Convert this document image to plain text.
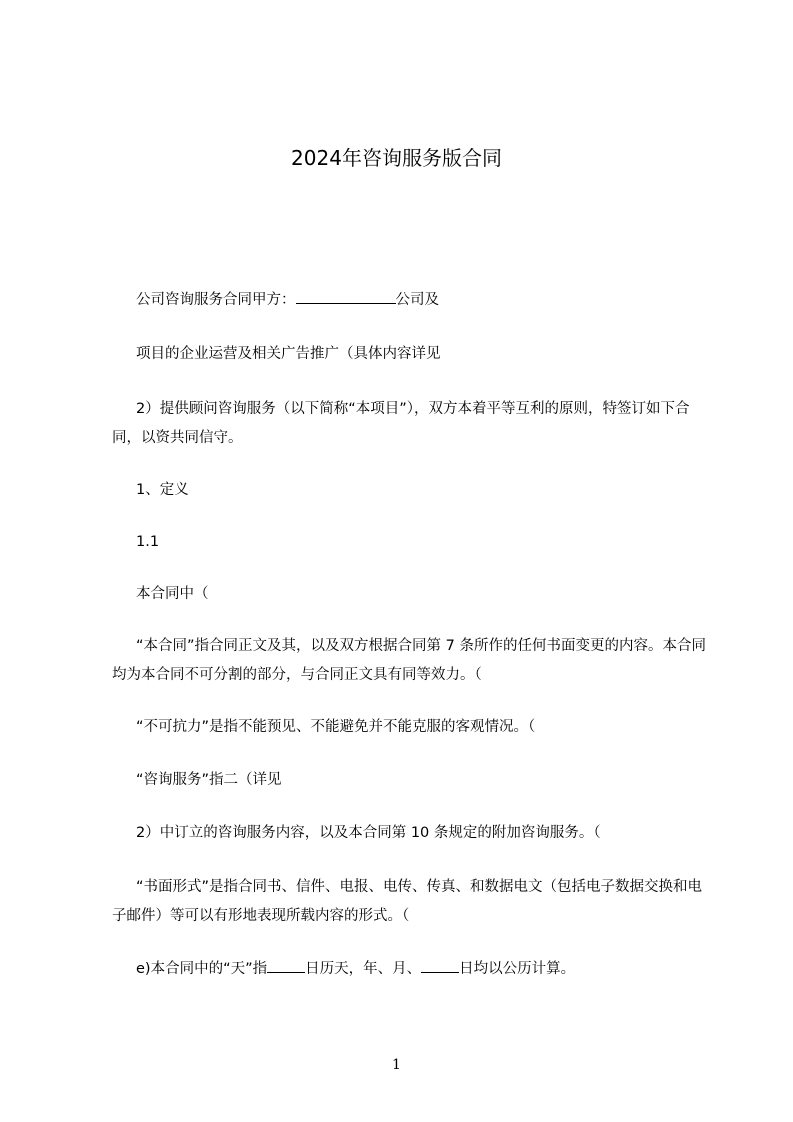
2024年咨询服务版合同
公司咨询服务合同甲方：	公司及
项目的企业运营及相关广告推广（具体内容详见
2）提供顾问咨询服务（以下简称“本项目”），双方本着平等互利的原则，特签订如下合同，以资共同信守。
1、定义
1.1
本合同中（
“本合同”指合同正文及其，以及双方根据合同第 7 条所作的任何书面变更的内容。本合同均为本合同不可分割的部分，与合同正文具有同等效力。（
“不可抗力”是指不能预见、不能避免并不能克服的客观情况。（
“咨询服务”指二（详见
2）中订立的咨询服务内容，以及本合同第 10 条规定的附加咨询服务。（
“书面形式”是指合同书、信件、电报、电传、传真、和数据电文（包括电子数据交换和电子邮件）等可以有形地表现所载内容的形式。（
e)本合同中的“天”指	日历天，年、月、	日均以公历计算。
1
